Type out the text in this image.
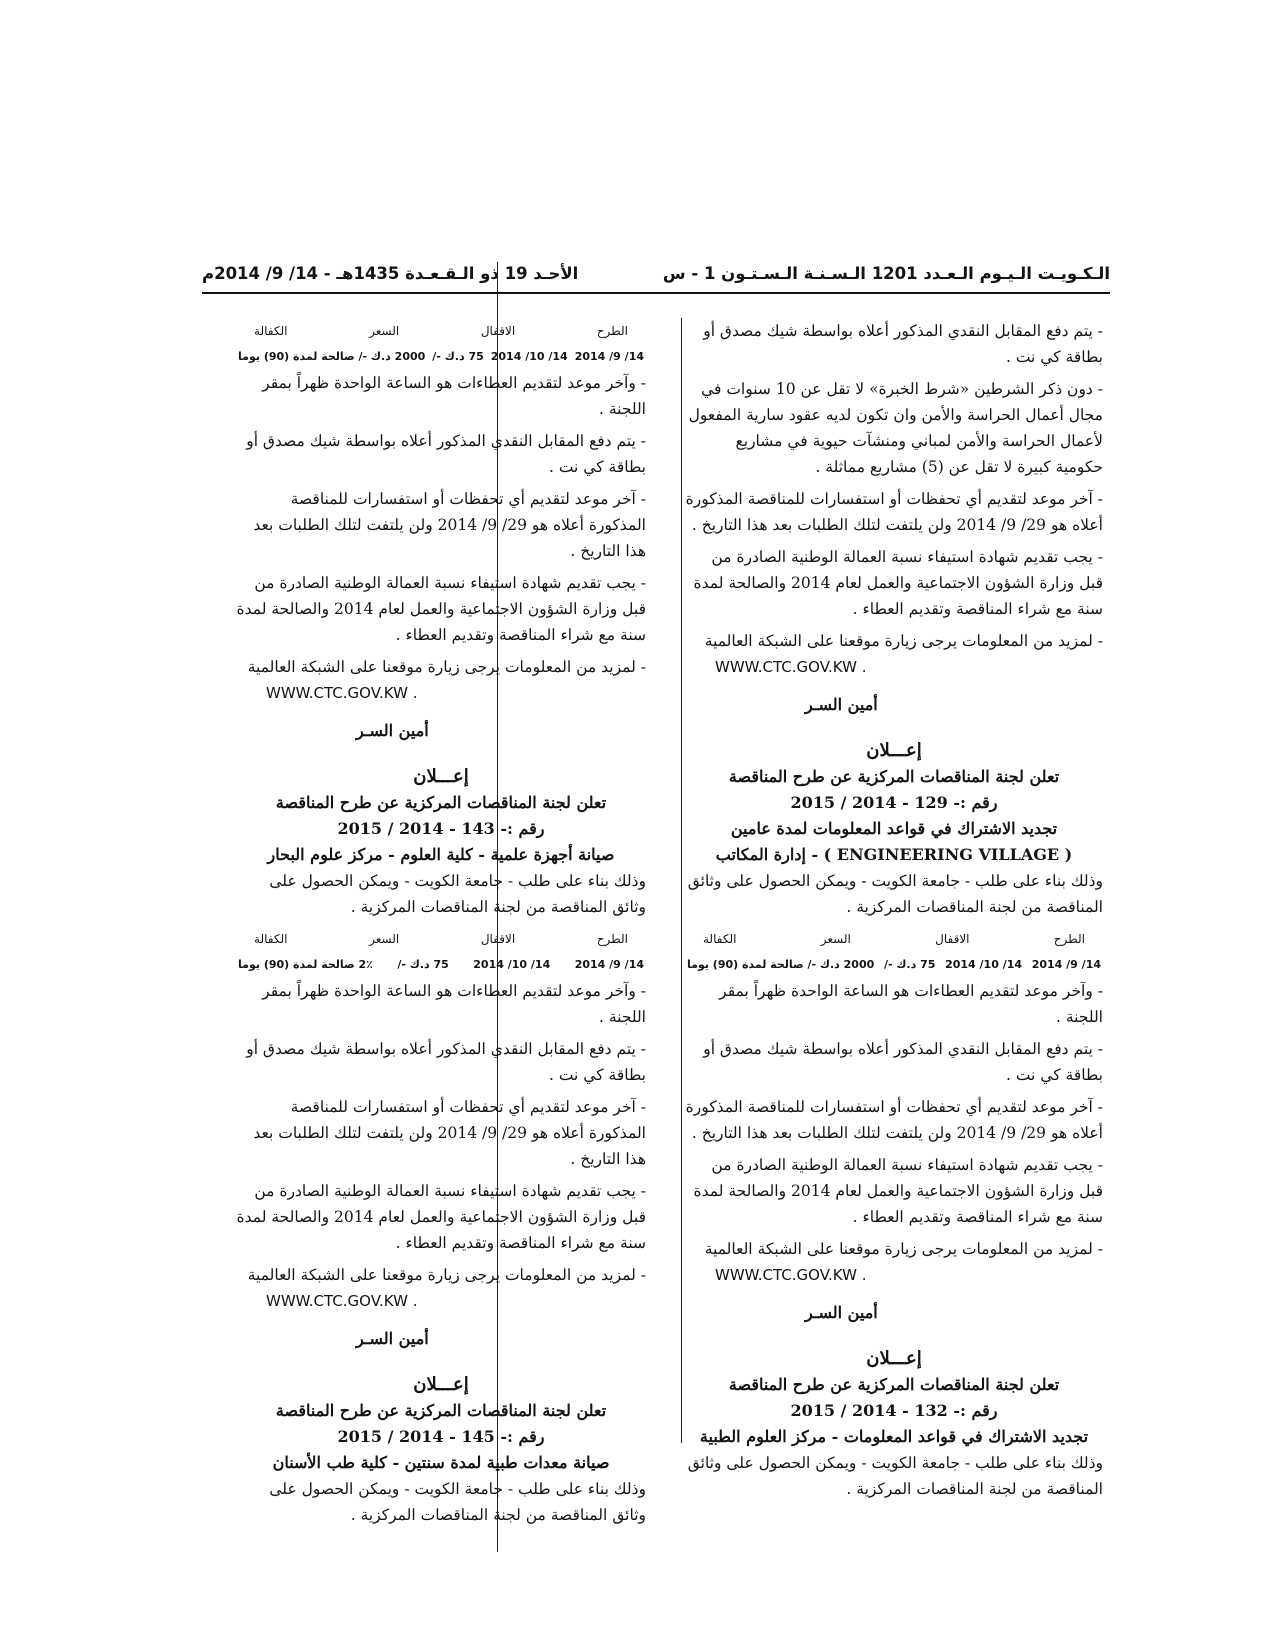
الـكـويـت الـيـوم الـعـدد 1201 الـسـنـة الـسـتـون 1 - س
الأحـد 19 ذو الـقـعـدة 1435هـ - 14/ 9/ 2014م

- يتم دفع المقابل النقدي المذكور أعلاه بواسطة شيك مصدق أو بطاقة كي نت .

- دون ذكر الشرطين «شرط الخبرة» لا تقل عن 10 سنوات في مجال أعمال الحراسة والأمن وان تكون لديه عقود سارية المفعول لأعمال الحراسة والأمن لمباني ومنشآت حيوية في مشاريع حكومية كبيرة لا تقل عن (5) مشاريع مماثلة .

- آخر موعد لتقديم أي تحفظات أو استفسارات للمناقصة المذكورة أعلاه هو 29/ 9/ 2014 ولن يلتفت لتلك الطلبات بعد هذا التاريخ .

- يجب تقديم شهادة استيفاء نسبة العمالة الوطنية الصادرة من قبل وزارة الشؤون الاجتماعية والعمل لعام 2014 والصالحة لمدة سنة مع شراء المناقصة وتقديم العطاء .

- لمزيد من المعلومات يرجى زيارة موقعنا على الشبكة العالمية

WWW.CTC.GOV.KW .
أمين السـر
إعـــلان
تعلن لجنة المناقصات المركزية عن طرح المناقصة
رقم :- 129 - 2014 / 2015
تجديد الاشتراك في قواعد المعلومات لمدة عامين
( ENGINEERING VILLAGE ) - إدارة المكاتب

وذلك بناء على طلب - جامعة الكويت - ويمكن الحصول على وثائق المناقصة من لجنة المناقصات المركزية .

الطرح
الاقفال
السعر
الكفالة
14/ 9/ 2014
14/ 10/ 2014
75 د.ك -/
2000 د.ك -/ صالحة لمدة (90) يوما

- وآخر موعد لتقديم العطاءات هو الساعة الواحدة ظهراً بمقر اللجنة .

- يتم دفع المقابل النقدي المذكور أعلاه بواسطة شيك مصدق أو بطاقة كي نت .

- آخر موعد لتقديم أي تحفظات أو استفسارات للمناقصة المذكورة أعلاه هو 29/ 9/ 2014 ولن يلتفت لتلك الطلبات بعد هذا التاريخ .

- يجب تقديم شهادة استيفاء نسبة العمالة الوطنية الصادرة من قبل وزارة الشؤون الاجتماعية والعمل لعام 2014 والصالحة لمدة سنة مع شراء المناقصة وتقديم العطاء .

- لمزيد من المعلومات يرجى زيارة موقعنا على الشبكة العالمية

WWW.CTC.GOV.KW .
أمين السـر
إعـــلان
تعلن لجنة المناقصات المركزية عن طرح المناقصة
رقم :- 132 - 2014 / 2015
تجديد الاشتراك في قواعد المعلومات - مركز العلوم الطبية

وذلك بناء على طلب - جامعة الكويت - ويمكن الحصول على وثائق المناقصة من لجنة المناقصات المركزية .

الطرح
الاقفال
السعر
الكفالة
14/ 9/ 2014
14/ 10/ 2014
75 د.ك -/
2000 د.ك -/ صالحة لمدة (90) يوما

- وآخر موعد لتقديم العطاءات هو الساعة الواحدة ظهراً بمقر اللجنة .

- يتم دفع المقابل النقدي المذكور أعلاه بواسطة شيك مصدق أو بطاقة كي نت .

- آخر موعد لتقديم أي تحفظات أو استفسارات للمناقصة المذكورة أعلاه هو 29/ 9/ 2014 ولن يلتفت لتلك الطلبات بعد هذا التاريخ .

- يجب تقديم شهادة استيفاء نسبة العمالة الوطنية الصادرة من قبل وزارة الشؤون الاجتماعية والعمل لعام 2014 والصالحة لمدة سنة مع شراء المناقصة وتقديم العطاء .

- لمزيد من المعلومات يرجى زيارة موقعنا على الشبكة العالمية

WWW.CTC.GOV.KW .
أمين السـر
إعـــلان
تعلن لجنة المناقصات المركزية عن طرح المناقصة
رقم :- 143 - 2014 / 2015
صيانة أجهزة علمية - كلية العلوم - مركز علوم البحار

وذلك بناء على طلب - جامعة الكويت - ويمكن الحصول على وثائق المناقصة من لجنة المناقصات المركزية .

الطرح
الاقفال
السعر
الكفالة
14/ 9/ 2014
14/ 10/ 2014
75 د.ك -/
2٪ صالحة لمدة (90) يوما

- وآخر موعد لتقديم العطاءات هو الساعة الواحدة ظهراً بمقر اللجنة .

- يتم دفع المقابل النقدي المذكور أعلاه بواسطة شيك مصدق أو بطاقة كي نت .

- آخر موعد لتقديم أي تحفظات أو استفسارات للمناقصة المذكورة أعلاه هو 29/ 9/ 2014 ولن يلتفت لتلك الطلبات بعد هذا التاريخ .

- يجب تقديم شهادة استيفاء نسبة العمالة الوطنية الصادرة من قبل وزارة الشؤون الاجتماعية والعمل لعام 2014 والصالحة لمدة سنة مع شراء المناقصة وتقديم العطاء .

- لمزيد من المعلومات يرجى زيارة موقعنا على الشبكة العالمية

WWW.CTC.GOV.KW .
أمين السـر
إعـــلان
تعلن لجنة المناقصات المركزية عن طرح المناقصة
رقم :- 145 - 2014 / 2015
صيانة معدات طبية لمدة سنتين - كلية طب الأسنان

وذلك بناء على طلب - جامعة الكويت - ويمكن الحصول على وثائق المناقصة من لجنة المناقصات المركزية .
